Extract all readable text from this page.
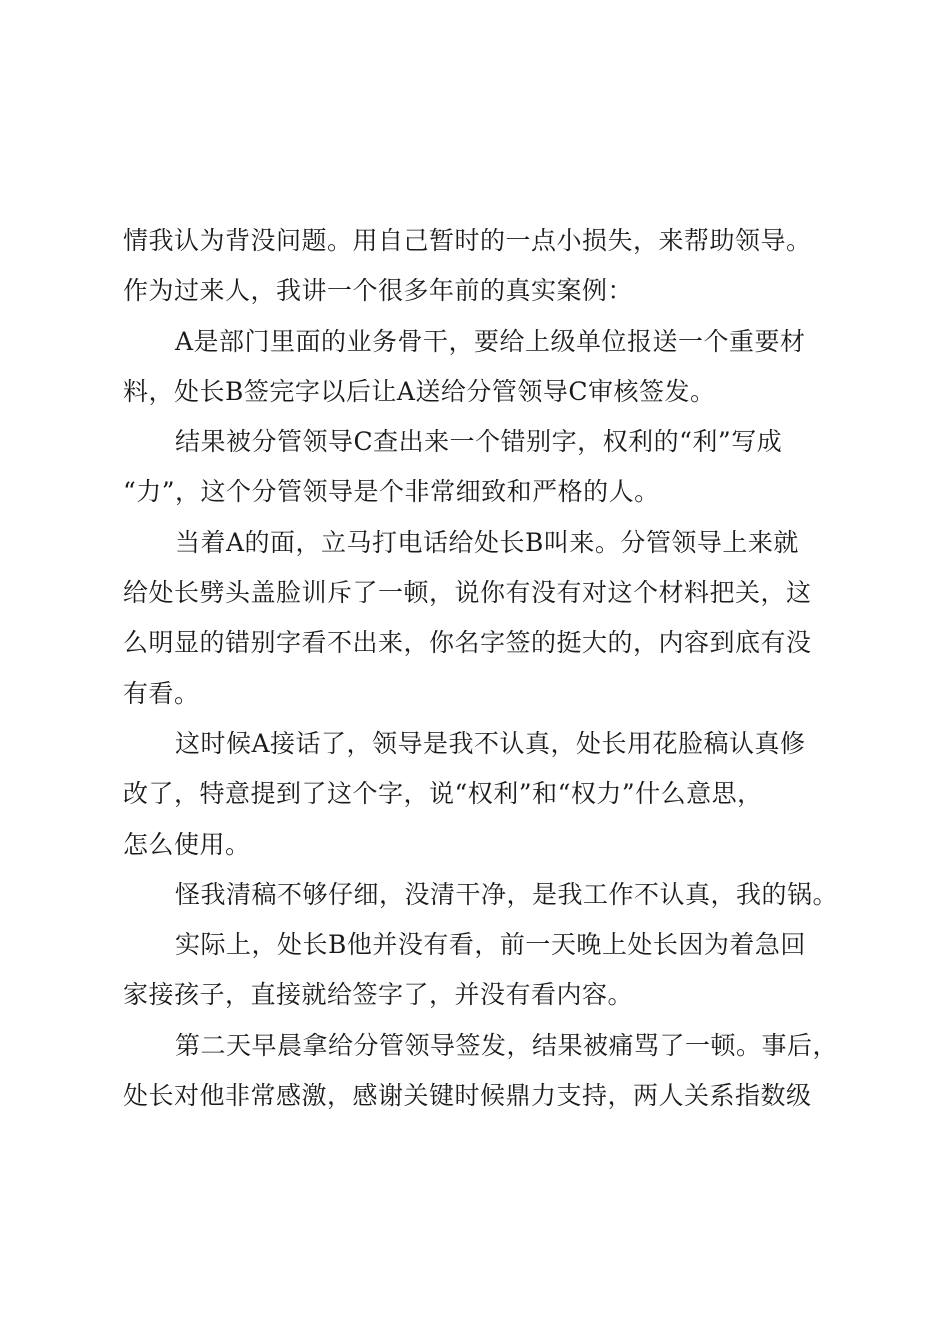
情我认为背没问题。用自己暂时的一点小损失，来帮助领导。
作为过来人，我讲一个很多年前的真实案例：
A是部门里面的业务骨干，要给上级单位报送一个重要材
料，处长B签完字以后让A送给分管领导C审核签发。
结果被分管领导C查出来一个错别字，权利的“利”写成
“力”，这个分管领导是个非常细致和严格的人。
当着A的面，立马打电话给处长B叫来。分管领导上来就
给处长劈头盖脸训斥了一顿，说你有没有对这个材料把关，这
么明显的错别字看不出来，你名字签的挺大的，内容到底有没
有看。
这时候A接话了，领导是我不认真，处长用花脸稿认真修
改了，特意提到了这个字，说“权利”和“权力”什么意思，
怎么使用。
怪我清稿不够仔细，没清干净，是我工作不认真，我的锅。
实际上，处长B他并没有看，前一天晚上处长因为着急回
家接孩子，直接就给签字了，并没有看内容。
第二天早晨拿给分管领导签发，结果被痛骂了一顿。事后，
处长对他非常感激，感谢关键时候鼎力支持，两人关系指数级
